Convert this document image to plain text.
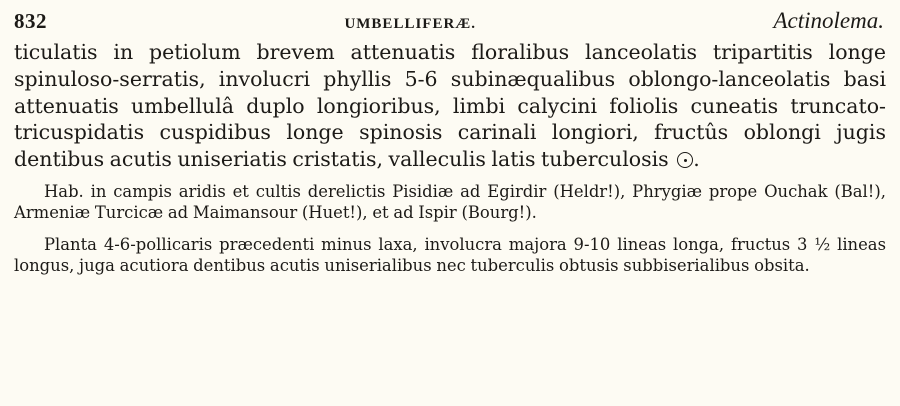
832	UMBELLIFERÆ.	Actinolema.

ticulatis in petiolum brevem attenuatis floralibus lanceolatis tripartitis longe spinuloso-serratis, involucri phyllis 5-6 subinæqualibus oblongo-lanceolatis basi attenuatis umbellulâ duplo longioribus, limbi calycini foliolis cuneatis truncato-tricuspidatis cuspidibus longe spinosis carinali longiori, fructûs oblongi jugis dentibus acutis uniseriatis cristatis, valleculis latis tuberculosis .

Hab. in campis aridis et cultis derelictis Pisidiæ ad Egirdir (Heldr!), Phrygiæ prope Ouchak (Bal!), Armeniæ Turcicæ ad Maimansour (Huet!), et ad Ispir (Bourg!).

Planta 4-6-pollicaris præcedenti minus laxa, involucra majora 9-10 lineas longa, fructus 3 ½ lineas longus, juga acutiora dentibus acutis uniserialibus nec tuberculis obtusis subbiserialibus obsita.
